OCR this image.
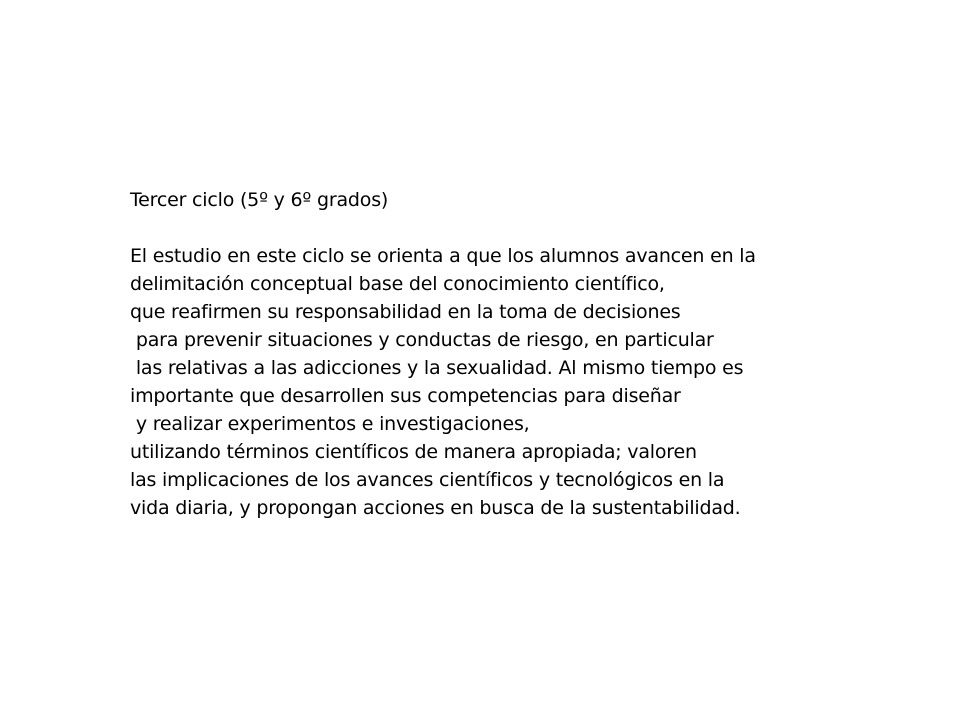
Tercer ciclo (5º y 6º grados)
El estudio en este ciclo se orienta a que los alumnos avancen en la
delimitación conceptual base del conocimiento científico,
que reafirmen su responsabilidad en la toma de decisiones
para prevenir situaciones y conductas de riesgo, en particular
las relativas a las adicciones y la sexualidad. Al mismo tiempo es
importante que desarrollen sus competencias para diseñar
y realizar experimentos e investigaciones,
utilizando términos científicos de manera apropiada; valoren
las implicaciones de los avances científicos y tecnológicos en la
vida diaria, y propongan acciones en busca de la sustentabilidad.
